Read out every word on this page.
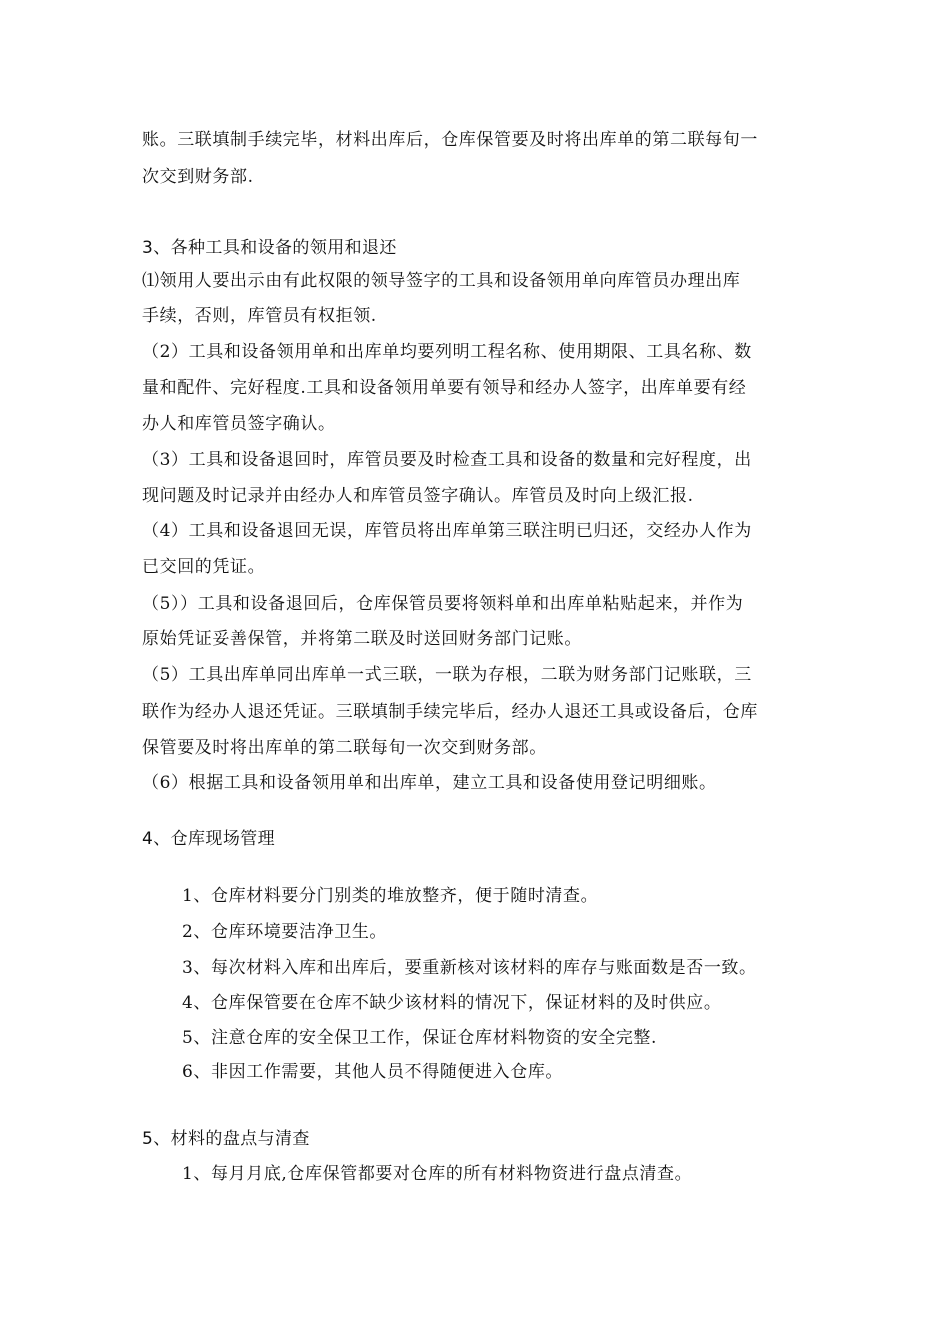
账。三联填制手续完毕，材料出库后，仓库保管要及时将出库单的第二联每旬一
次交到财务部.
3、各种工具和设备的领用和退还
⑴领用人要出示由有此权限的领导签字的工具和设备领用单向库管员办理出库
手续，否则，库管员有权拒领.
（2）工具和设备领用单和出库单均要列明工程名称、使用期限、工具名称、数
量和配件、完好程度.工具和设备领用单要有领导和经办人签字，出库单要有经
办人和库管员签字确认。
（3）工具和设备退回时，库管员要及时检查工具和设备的数量和完好程度，出
现问题及时记录并由经办人和库管员签字确认。库管员及时向上级汇报.
（4）工具和设备退回无误，库管员将出库单第三联注明已归还，交经办人作为
已交回的凭证。
（5））工具和设备退回后，仓库保管员要将领料单和出库单粘贴起来，并作为
原始凭证妥善保管，并将第二联及时送回财务部门记账。
（5）工具出库单同出库单一式三联，一联为存根，二联为财务部门记账联，三
联作为经办人退还凭证。三联填制手续完毕后，经办人退还工具或设备后，仓库
保管要及时将出库单的第二联每旬一次交到财务部。
（6）根据工具和设备领用单和出库单，建立工具和设备使用登记明细账。
4、仓库现场管理
1、仓库材料要分门别类的堆放整齐，便于随时清查。
2、仓库环境要洁净卫生。
3、每次材料入库和出库后，要重新核对该材料的库存与账面数是否一致。
4、仓库保管要在仓库不缺少该材料的情况下，保证材料的及时供应。
5、注意仓库的安全保卫工作，保证仓库材料物资的安全完整.
6、非因工作需要，其他人员不得随便进入仓库。
5、材料的盘点与清查
1、每月月底,仓库保管都要对仓库的所有材料物资进行盘点清查。
